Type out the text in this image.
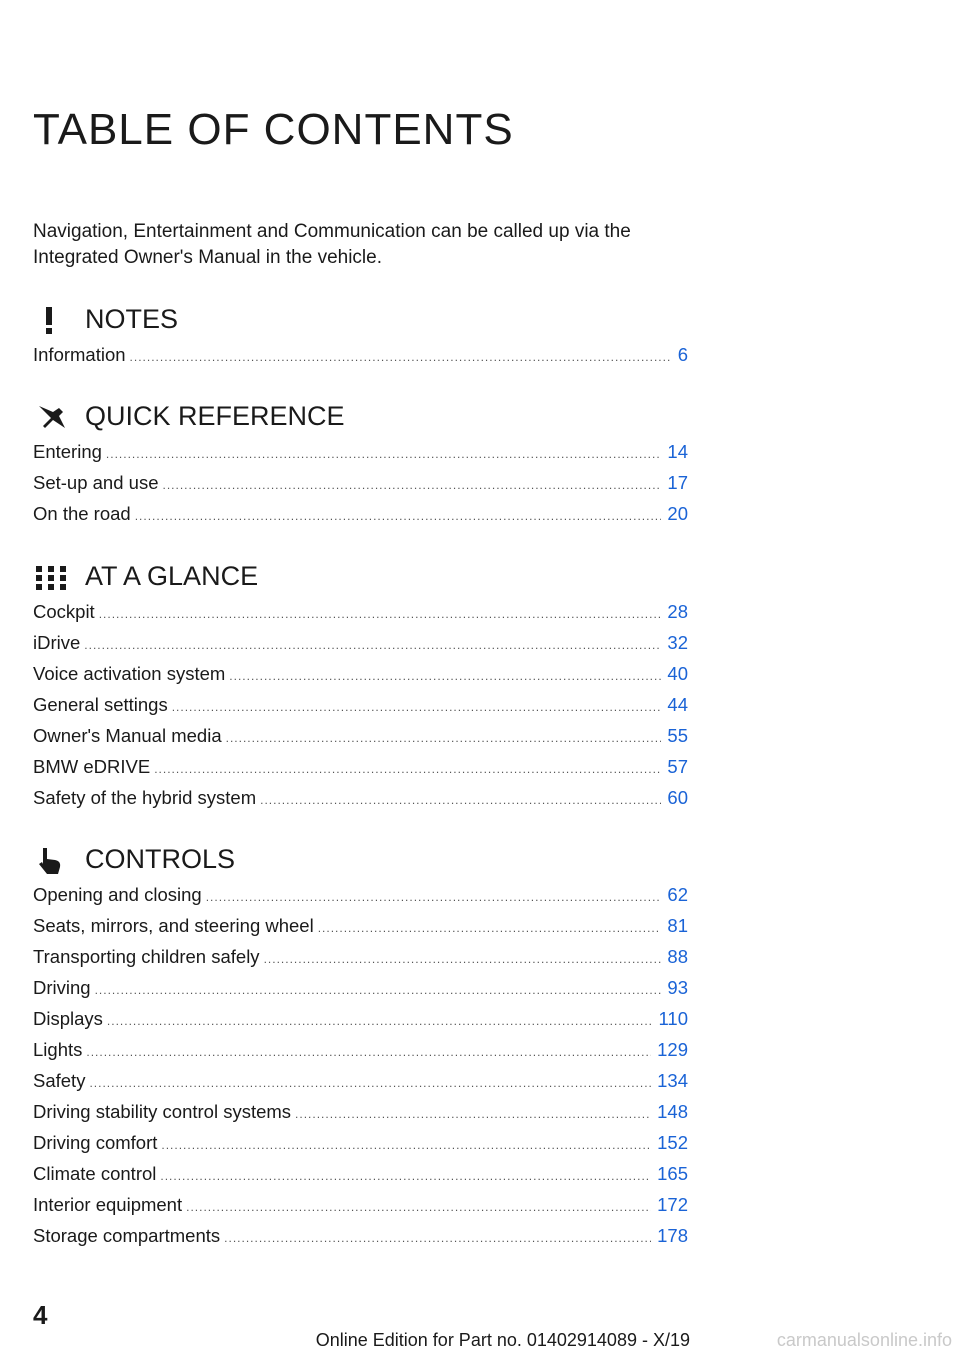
TABLE OF CONTENTS
Navigation, Entertainment and Communication can be called up via the Integrated Owner's Manual in the vehicle.
NOTES
Information .....	6
QUICK REFERENCE
Entering .....	14
Set-up and use .....	17
On the road .....	20
AT A GLANCE
Cockpit .....	28
iDrive .....	32
Voice activation system .....	40
General settings .....	44
Owner's Manual media .....	55
BMW eDRIVE .....	57
Safety of the hybrid system .....	60
CONTROLS
Opening and closing .....	62
Seats, mirrors, and steering wheel .....	81
Transporting children safely .....	88
Driving .....	93
Displays .....	110
Lights .....	129
Safety .....	134
Driving stability control systems .....	148
Driving comfort .....	152
Climate control .....	165
Interior equipment .....	172
Storage compartments .....	178
4
Online Edition for Part no. 01402914089 - X/19	carmanualsonline.info
